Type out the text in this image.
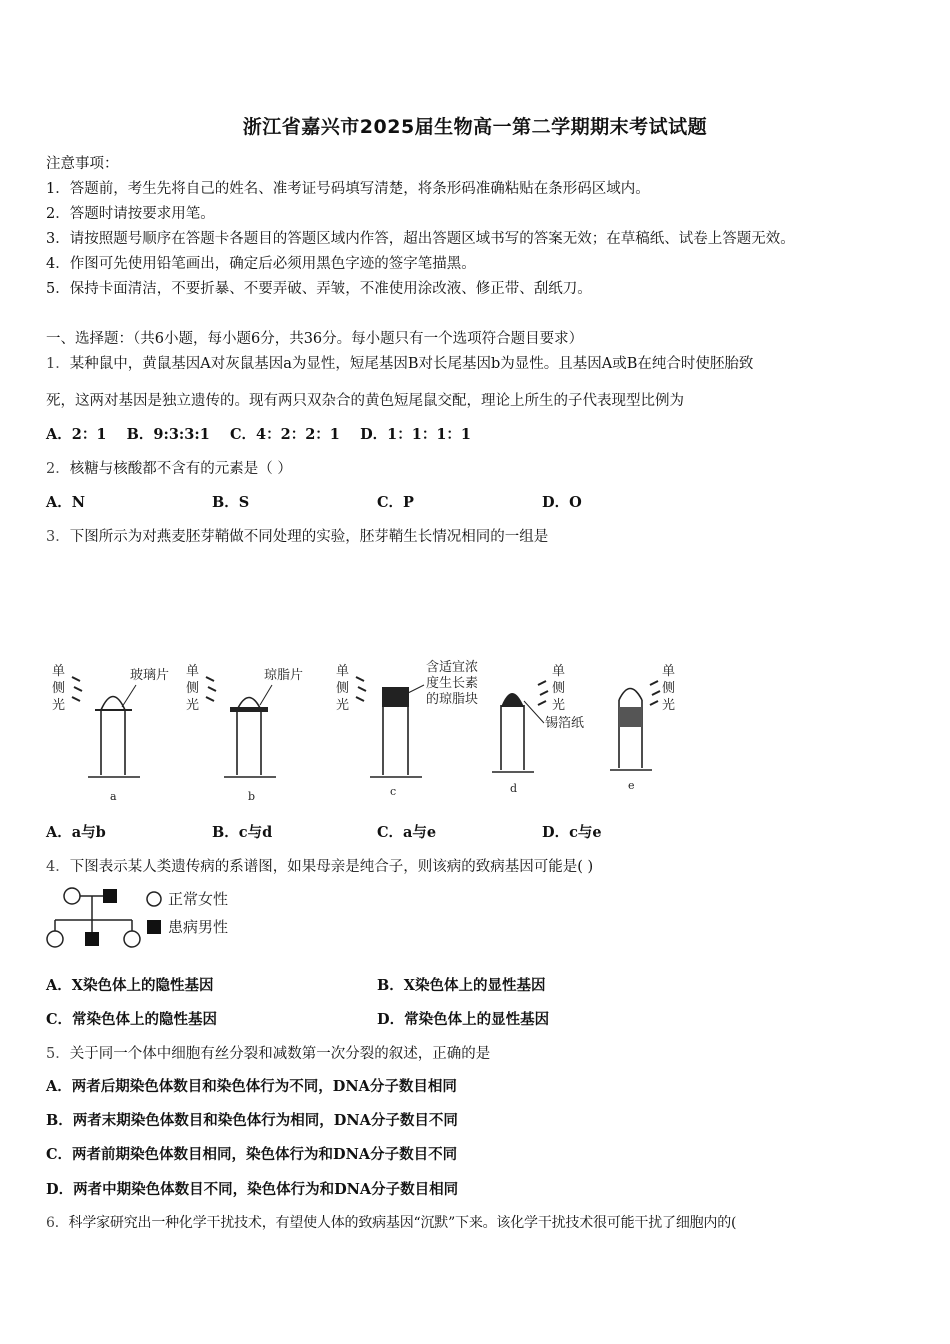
浙江省嘉兴市2025届生物高一第二学期期末考试试题
注意事项：
1．答题前，考生先将自己的姓名、准考证号码填写清楚，将条形码准确粘贴在条形码区域内。
2．答题时请按要求用笔。
3．请按照题号顺序在答题卡各题目的答题区域内作答，超出答题区域书写的答案无效；在草稿纸、试卷上答题无效。
4．作图可先使用铅笔画出，确定后必须用黑色字迹的签字笔描黑。
5．保持卡面清洁，不要折暴、不要弄破、弄皱，不准使用涂改液、修正带、刮纸刀。
一、选择题：（共6小题，每小题6分，共36分。每小题只有一个选项符合题目要求）
1．某种鼠中，黄鼠基因A对灰鼠基因a为显性，短尾基因B对长尾基因b为显性。且基因A或B在纯合时使胚胎致
死，这两对基因是独立遗传的。现有两只双杂合的黄色短尾鼠交配，理论上所生的子代表现型比例为
A．2：1    B．9:3:3:1    C．4：2：2：1    D．1：1：1：1
2．核糖与核酸都不含有的元素是（ ）
A．N	B．S	C．P	D．O
3．下图所示为对燕麦胚芽鞘做不同处理的实验，胚芽鞘生长情况相同的一组是
单
侧
光
玻璃片
a
单
侧
光
琼脂片
b
单
侧
光
含适宜浓
度生长素
的琼脂块
c
锡箔纸
d
单
侧
光
e
单
侧
光
A．a与b	B．c与d	C．a与e	D．c与e
4．下图表示某人类遗传病的系谱图，如果母亲是纯合子，则该病的致病基因可能是( )
正常女性
患病男性
A．X染色体上的隐性基因	B．X染色体上的显性基因
C．常染色体上的隐性基因	D．常染色体上的显性基因
5．关于同一个体中细胞有丝分裂和减数第一次分裂的叙述，正确的是
A．两者后期染色体数目和染色体行为不同，DNA分子数目相同
B．两者末期染色体数目和染色体行为相同，DNA分子数目不同
C．两者前期染色体数目相同，染色体行为和DNA分子数目不同
D．两者中期染色体数目不同，染色体行为和DNA分子数目相同
6．科学家研究出一种化学干扰技术，有望使人体的致病基因“沉默”下来。该化学干扰技术很可能干扰了细胞内的(
